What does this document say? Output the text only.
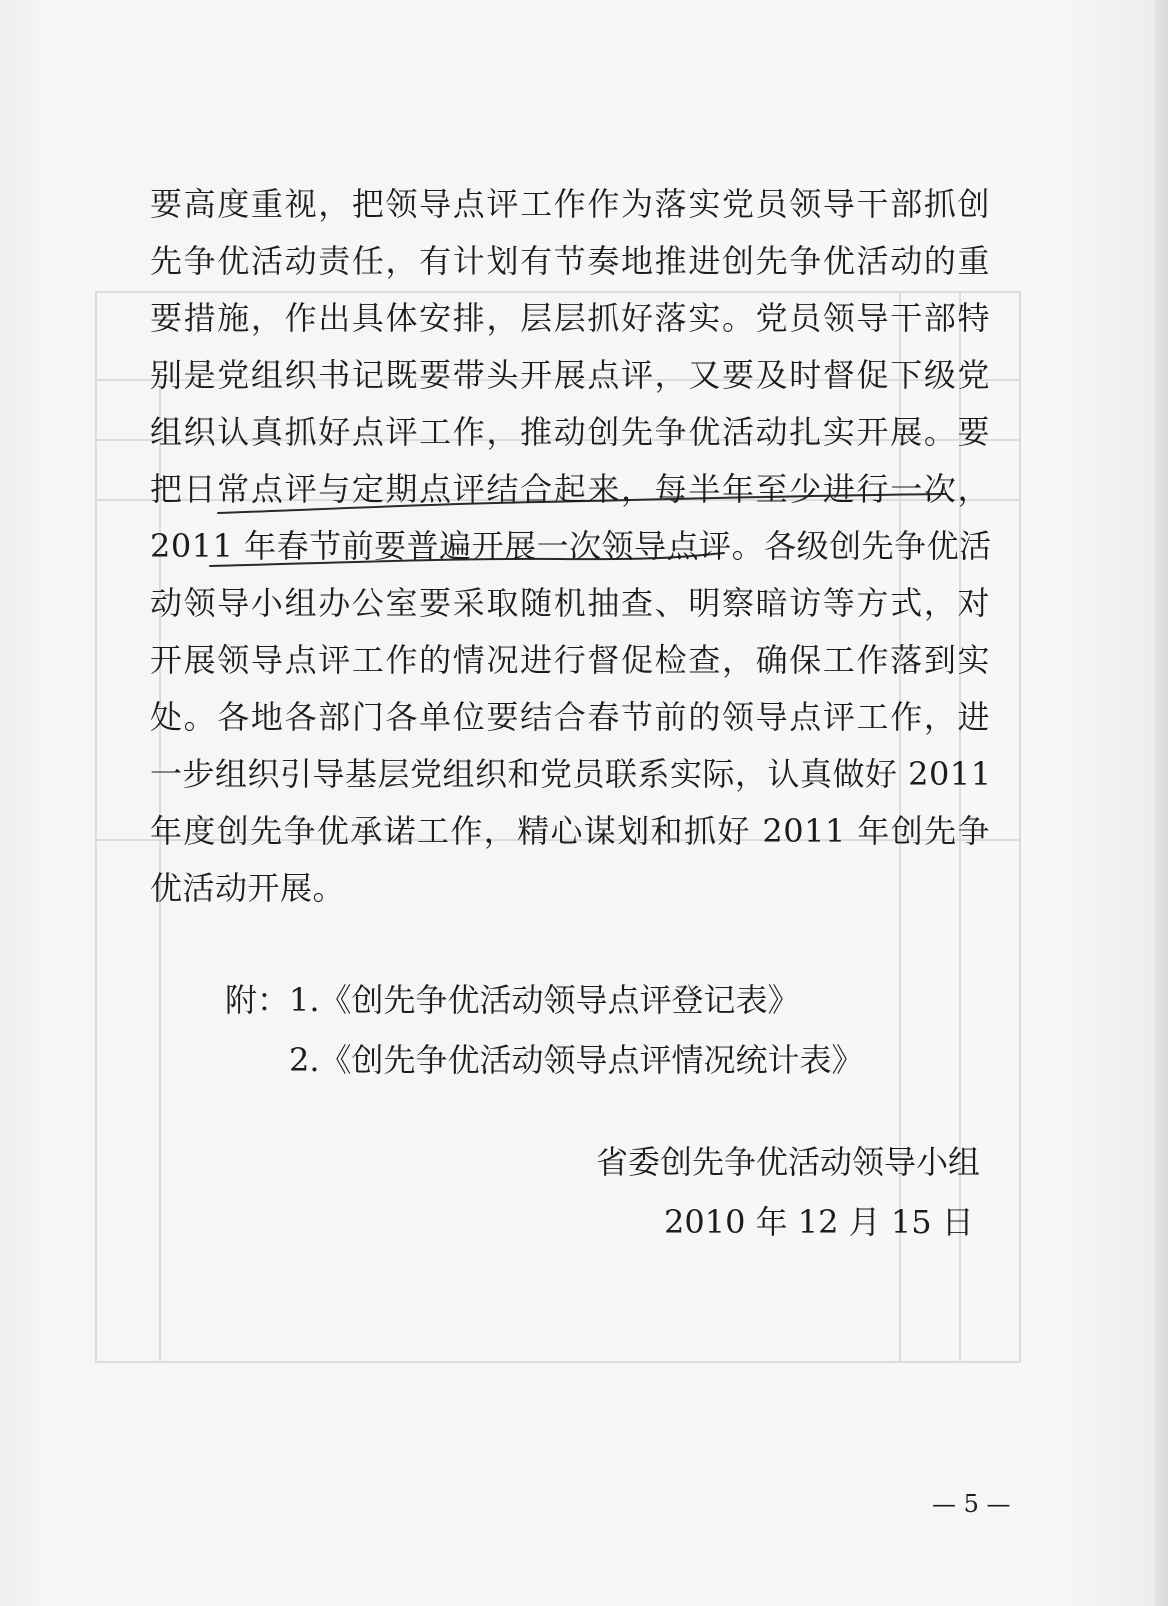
要高度重视，把领导点评工作作为落实党员领导干部抓创
先争优活动责任，有计划有节奏地推进创先争优活动的重
要措施，作出具体安排，层层抓好落实。党员领导干部特
别是党组织书记既要带头开展点评，又要及时督促下级党
组织认真抓好点评工作，推动创先争优活动扎实开展。要
把日常点评与定期点评结合起来，每半年至少进行一次，
2011 年春节前要普遍开展一次领导点评。各级创先争优活
动领导小组办公室要采取随机抽查、明察暗访等方式，对
开展领导点评工作的情况进行督促检查，确保工作落到实
处。各地各部门各单位要结合春节前的领导点评工作，进
一步组织引导基层党组织和党员联系实际，认真做好 2011
年度创先争优承诺工作，精心谋划和抓好 2011 年创先争
优活动开展。
附：1.《创先争优活动领导点评登记表》
2.《创先争优活动领导点评情况统计表》
省委创先争优活动领导小组
2010 年 12 月 15 日
— 5 —
